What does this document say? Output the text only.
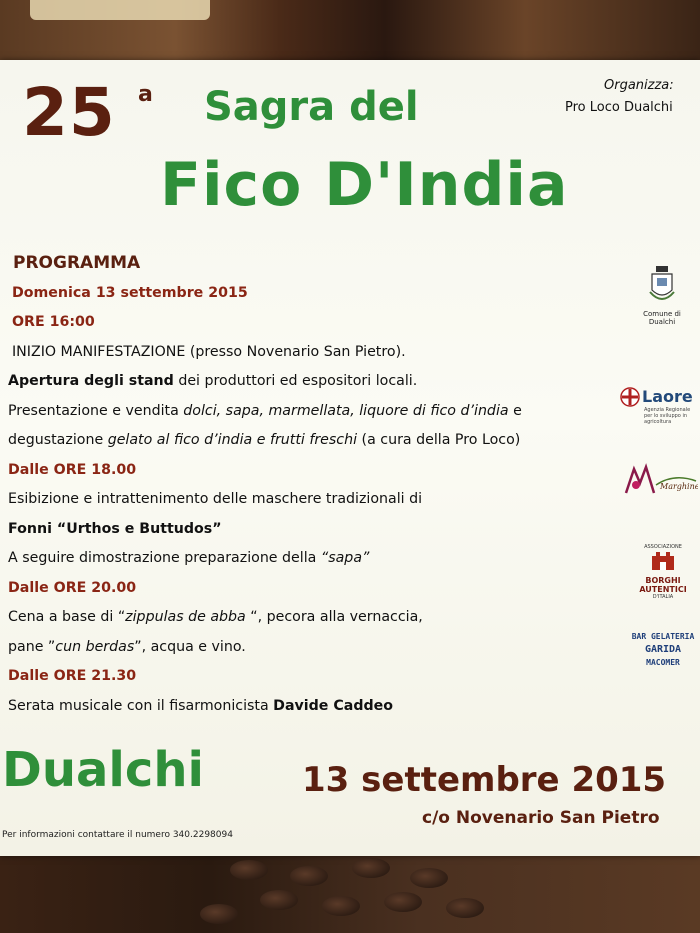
25 a Sagra del
Fico D'India
Organizza:
Pro Loco Dualchi
PROGRAMMA
Domenica 13 settembre 2015
ORE 16:00
INIZIO MANIFESTAZIONE (presso Novenario San Pietro).
Apertura degli stand dei produttori ed espositori locali.
Presentazione e vendita dolci, sapa, marmellata, liquore di fico d’india e
degustazione gelato al fico d’india e frutti freschi (a cura della Pro Loco)
Dalle ORE 18.00
Esibizione e intrattenimento delle maschere tradizionali di
Fonni “Urthos e Buttudos”
A seguire dimostrazione preparazione della “sapa”
Dalle ORE 20.00
Cena a base di “zippulas de abba “, pecora alla vernaccia,
pane ”cun berdas”, acqua e vino.
Dalle ORE 21.30
Serata musicale con il fisarmonicista Davide Caddeo
Comune di Dualchi
Laore
Agenzia Regionale per lo sviluppo in agricoltura
Marghine
ASSOCIAZIONE
BORGHI AUTENTICI
D'ITALIA
BAR GELATERIA
GARIDA
MACOMER
Dualchi	13 settembre 2015
c/o Novenario San Pietro
Per informazioni contattare il numero 340.2298094
